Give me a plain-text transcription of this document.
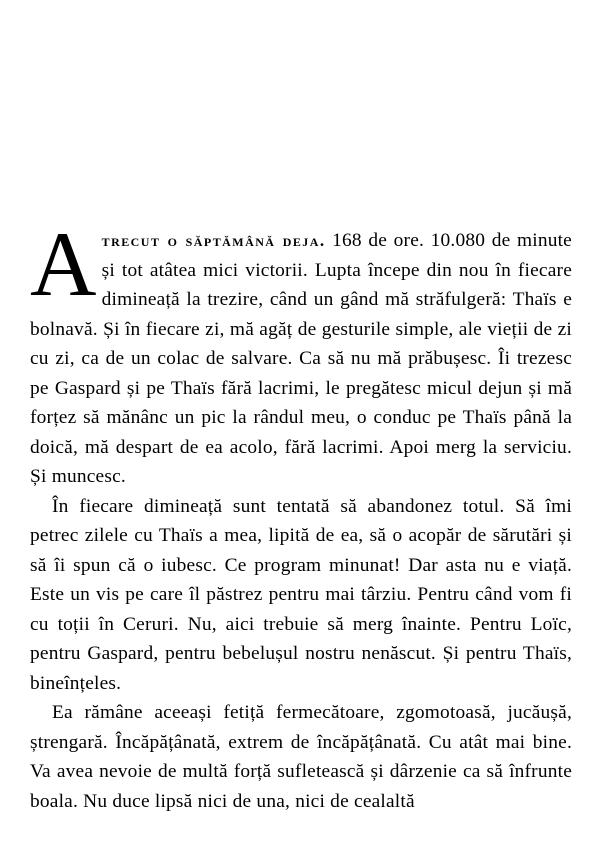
Atrecut o săptămână deja. 168 de ore. 10.080 de minute și tot atâtea mici victorii. Lupta începe din nou în fiecare dimineață la trezire, când un gând mă străfulgeră: Thaïs e bolnavă. Și în fiecare zi, mă agăț de gesturile simple, ale vieții de zi cu zi, ca de un colac de salvare. Ca să nu mă prăbușesc. Îi trezesc pe Gaspard și pe Thaïs fără lacrimi, le pregătesc micul dejun și mă forțez să mănânc un pic la rândul meu, o conduc pe Thaïs până la doică, mă despart de ea acolo, fără lacrimi. Apoi merg la serviciu. Și muncesc.

În fiecare dimineață sunt tentată să abandonez totul. Să îmi petrec zilele cu Thaïs a mea, lipită de ea, să o acopăr de sărutări și să îi spun că o iubesc. Ce program minunat! Dar asta nu e viață. Este un vis pe care îl păstrez pentru mai târziu. Pentru când vom fi cu toții în Ceruri. Nu, aici trebuie să merg înainte. Pentru Loïc, pentru Gaspard, pentru bebelușul nostru nenăscut. Și pentru Thaïs, bineînțeles.

Ea rămâne aceeași fetiță fermecătoare, zgomotoasă, jucăușă, ștrengară. Încăpățânată, extrem de încăpățânată. Cu atât mai bine. Va avea nevoie de multă forță sufletească și dârzenie ca să înfrunte boala. Nu duce lipsă nici de una, nici de cealaltă
